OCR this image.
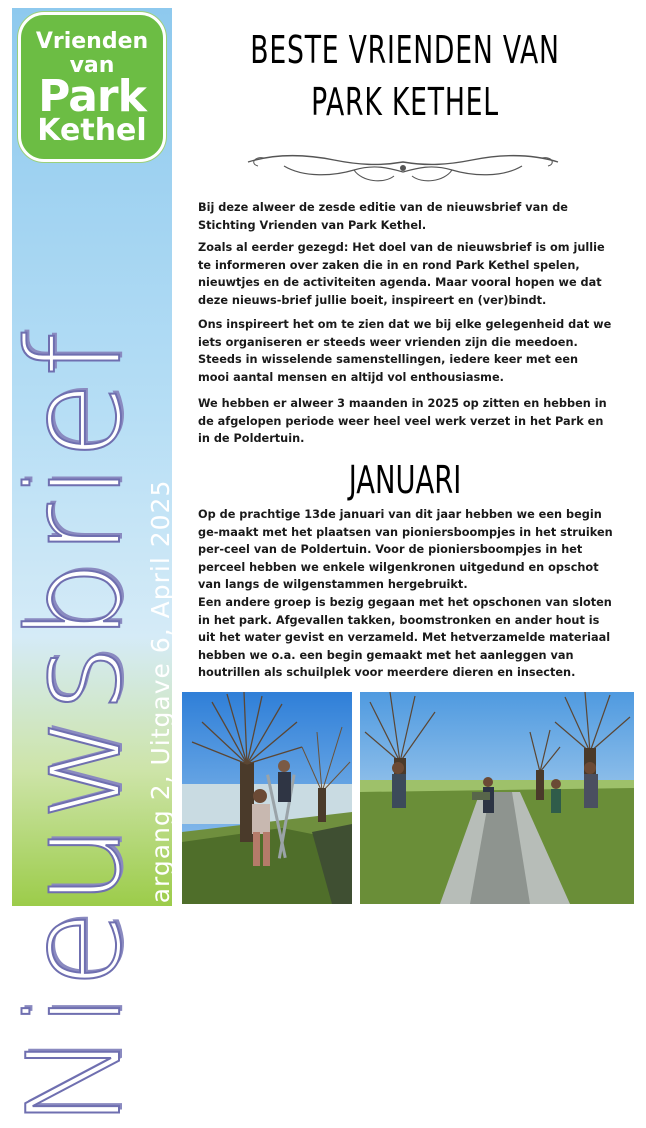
Vrienden
van
Park
Kethel
Nieuwsbrief
Jaargang 2, Uitgave 6, April 2025
BESTE VRIENDEN VAN
PARK KETHEL

Bij deze alweer de zesde editie van de nieuwsbrief van de Stichting Vrienden van Park Kethel.

Zoals al eerder gezegd: Het doel van de nieuwsbrief is om jullie te informeren over zaken die in en rond Park Kethel spelen, nieuwtjes en de activiteiten agenda. Maar vooral hopen we dat deze nieuws-brief jullie boeit, inspireert en (ver)bindt.

Ons inspireert het om te zien dat we bij elke gelegenheid dat we iets organiseren er steeds weer vrienden zijn die meedoen. Steeds in wisselende samenstellingen, iedere keer met een mooi aantal mensen en altijd vol enthousiasme.

We hebben er alweer 3 maanden in 2025 op zitten en hebben in de afgelopen periode weer heel veel werk verzet in het Park en in de Poldertuin.

JANUARI

Op de prachtige 13de januari van dit jaar hebben we een begin ge-maakt met het plaatsen van pioniersboompjes in het struiken per-ceel van de Poldertuin. Voor de pioniersboompjes in het perceel hebben we enkele wilgenkronen uitgedund en opschot van langs de wilgenstammen hergebruikt.

Een andere groep is bezig gegaan met het opschonen van sloten in het park. Afgevallen takken, boomstronken en ander hout is uit het water gevist en verzameld. Met hetverzamelde materiaal hebben we o.a. een begin gemaakt met het aanleggen van houtrillen als schuilplek voor meerdere dieren en insecten.
